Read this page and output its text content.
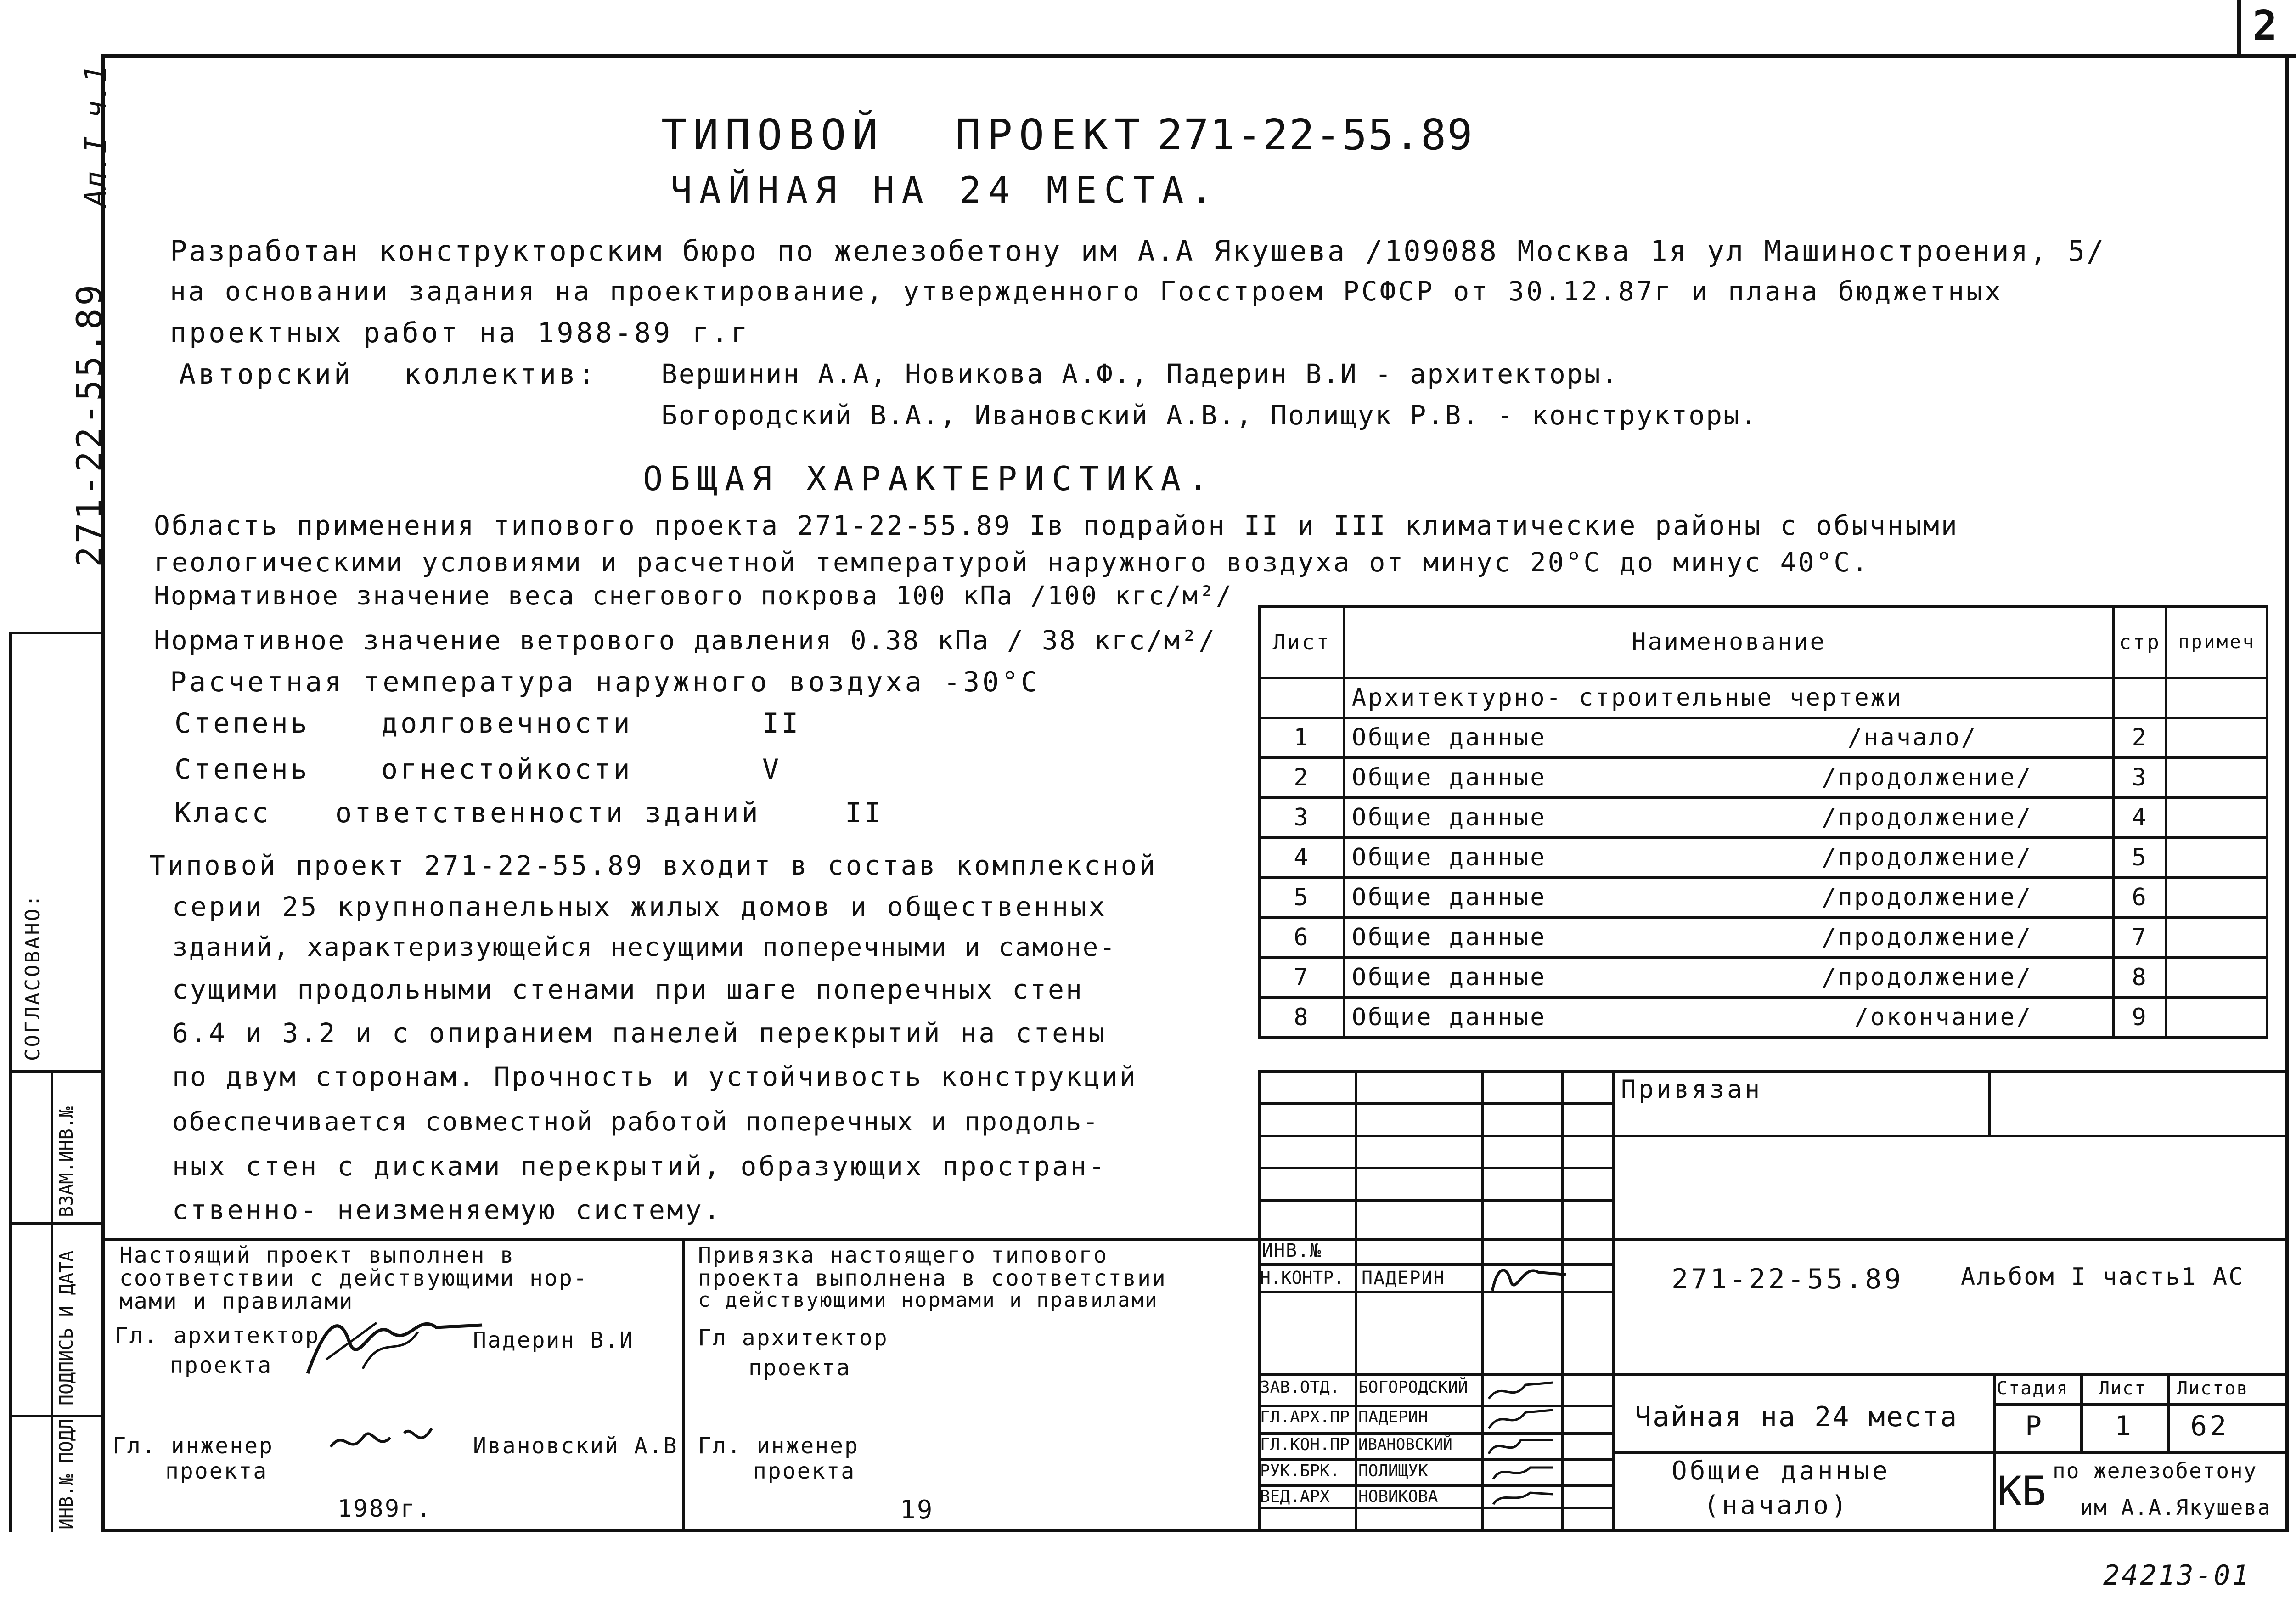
2
Ал.I ч.1
271-22-55.89
СОГЛАСОВАНО:
ВЗАМ.ИНВ.№
ПОДПИСЬ И ДАТА
ИНВ.№ ПОДЛ
ТИПОВОЙ ПРОЕКТ 271-22-55.89
ЧАЙНАЯ НА 24 МЕСТА.
Разработан конструкторским бюро по железобетону им А.А Якушева /109088 Москва 1я ул Машиностроения, 5/
на основании задания на проектирование, утвержденного Госстроем РСФСР от 30.12.87г и плана бюджетных
проектных работ на 1988-89 г.г
Авторский коллектив: Вершинин А.А, Новикова А.Ф., Падерин В.И - архитекторы.
Богородский В.А., Ивановский А.В., Полищук Р.В. - конструкторы.
ОБЩАЯ ХАРАКТЕРИСТИКА.
Область применения типового проекта 271-22-55.89 Iв подрайон II и III климатические районы с обычными
геологическими условиями и расчетной температурой наружного воздуха от минус 20°С до минус 40°С.
Нормативное значение веса снегового покрова 100 кПа /100 кгс/м²/
Нормативное значение ветрового давления 0.38 кПа / 38 кгс/м²/
Расчетная температура наружного воздуха -30°С
Степень	долговечности	II
Степень	огнестойкости	V
Класс ответственности зданий	II
Типовой проект 271-22-55.89 входит в состав комплексной
серии 25 крупнопанельных жилых домов и общественных
зданий, характеризующейся несущими поперечными и самоне-
сущими продольными стенами при шаге поперечных стен
6.4 и 3.2 и с опиранием панелей перекрытий на стены
по двум сторонам. Прочность и устойчивость конструкций
обеспечивается совместной работой поперечных и продоль-
ных стен с дисками перекрытий, образующих простран-
ственно- неизменяемую систему.
Лист	Наименование	стр	примеч
	Архитектурно- строительные чертежи		
1	Общие данные /начало/	2	
2	Общие данные /продолжение/	3	
3	Общие данные /продолжение/	4	
4	Общие данные /продолжение/	5	
5	Общие данные /продолжение/	6	
6	Общие данные /продолжение/	7	
7	Общие данные /продолжение/	8	
8	Общие данные /окончание/	9	
Привязан
Настоящий проект выполнен в
соответствии с действующими нор-
мами и правилами
Гл. архитектор
проекта
Падерин В.И
Гл. инженер
проекта
Ивановский А.В
1989г.
Привязка настоящего типового
проекта выполнена в соответствии
с действующими нормами и правилами
Гл архитектор
проекта
Гл. инженер
проекта
19
ИНВ.№
Н.КОНТР. ПАДЕРИН
ЗАВ.ОТД. БОГОРОДСКИЙ
ГЛ.АРХ.ПР ПАДЕРИН
ГЛ.КОН.ПР ИВАНОВСКИЙ
РУК.БРК. ПОЛИЩУК
ВЕД.АРХ НОВИКОВА
271-22-55.89 Альбом I часть1 АС
Чайная на 24 места
Общие данные
(начало)
Стадия Лист Листов
Р	1 62
КБ по железобетону
им А.А.Якушева
24213-01
